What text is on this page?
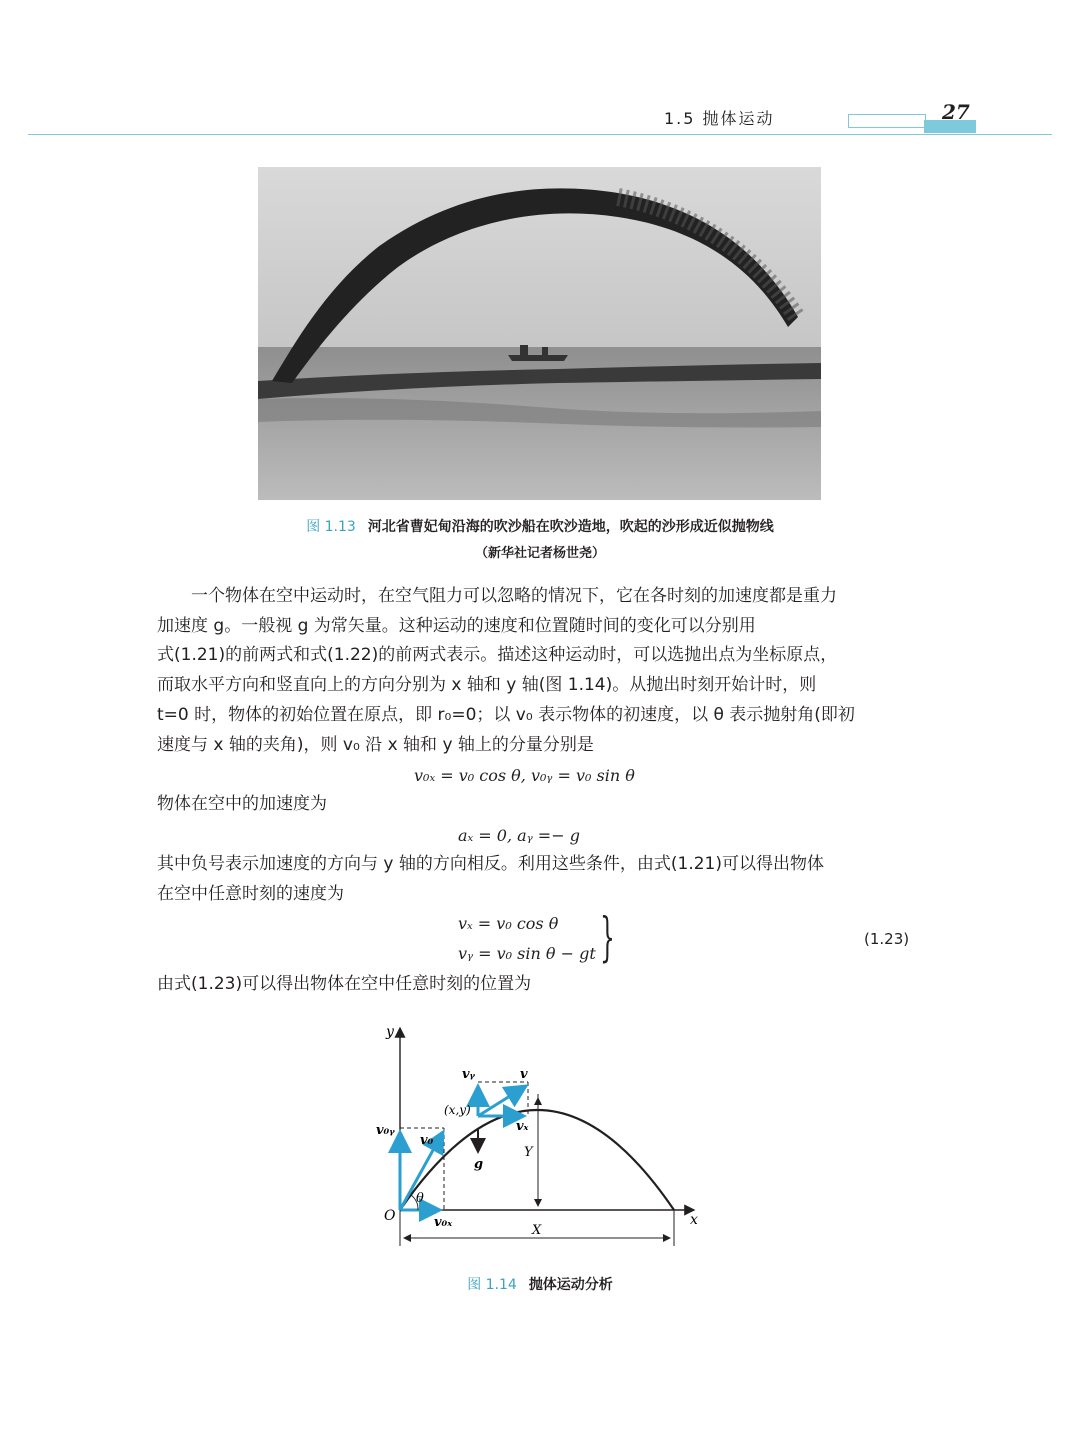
1.5 抛体运动	27
图 1.13 河北省曹妃甸沿海的吹沙船在吹沙造地，吹起的沙形成近似抛物线
（新华社记者杨世尧）
一个物体在空中运动时，在空气阻力可以忽略的情况下，它在各时刻的加速度都是重力
加速度 g。一般视 g 为常矢量。这种运动的速度和位置随时间的变化可以分别用
式(1.21)的前两式和式(1.22)的前两式表示。描述这种运动时，可以选抛出点为坐标原点，
而取水平方向和竖直向上的方向分别为 x 轴和 y 轴(图 1.14)。从抛出时刻开始计时，则
t=0 时，物体的初始位置在原点，即 r₀=0；以 v₀ 表示物体的初速度，以 θ 表示抛射角(即初
速度与 x 轴的夹角)，则 v₀ 沿 x 轴和 y 轴上的分量分别是
v₀ₓ = v₀ cos θ, v₀ᵧ = v₀ sin θ
物体在空中的加速度为
aₓ = 0, aᵧ =− g
其中负号表示加速度的方向与 y 轴的方向相反。利用这些条件，由式(1.21)可以得出物体
在空中任意时刻的速度为
vₓ = v₀ cos θ
vᵧ = v₀ sin θ − gt }	(1.23)
由式(1.23)可以得出物体在空中任意时刻的位置为
y
x
O
θ
v₀
v₀ᵧ
v₀ₓ
v
vᵧ
vₓ
g
(x,y)
X
Y
图 1.14 抛体运动分析
